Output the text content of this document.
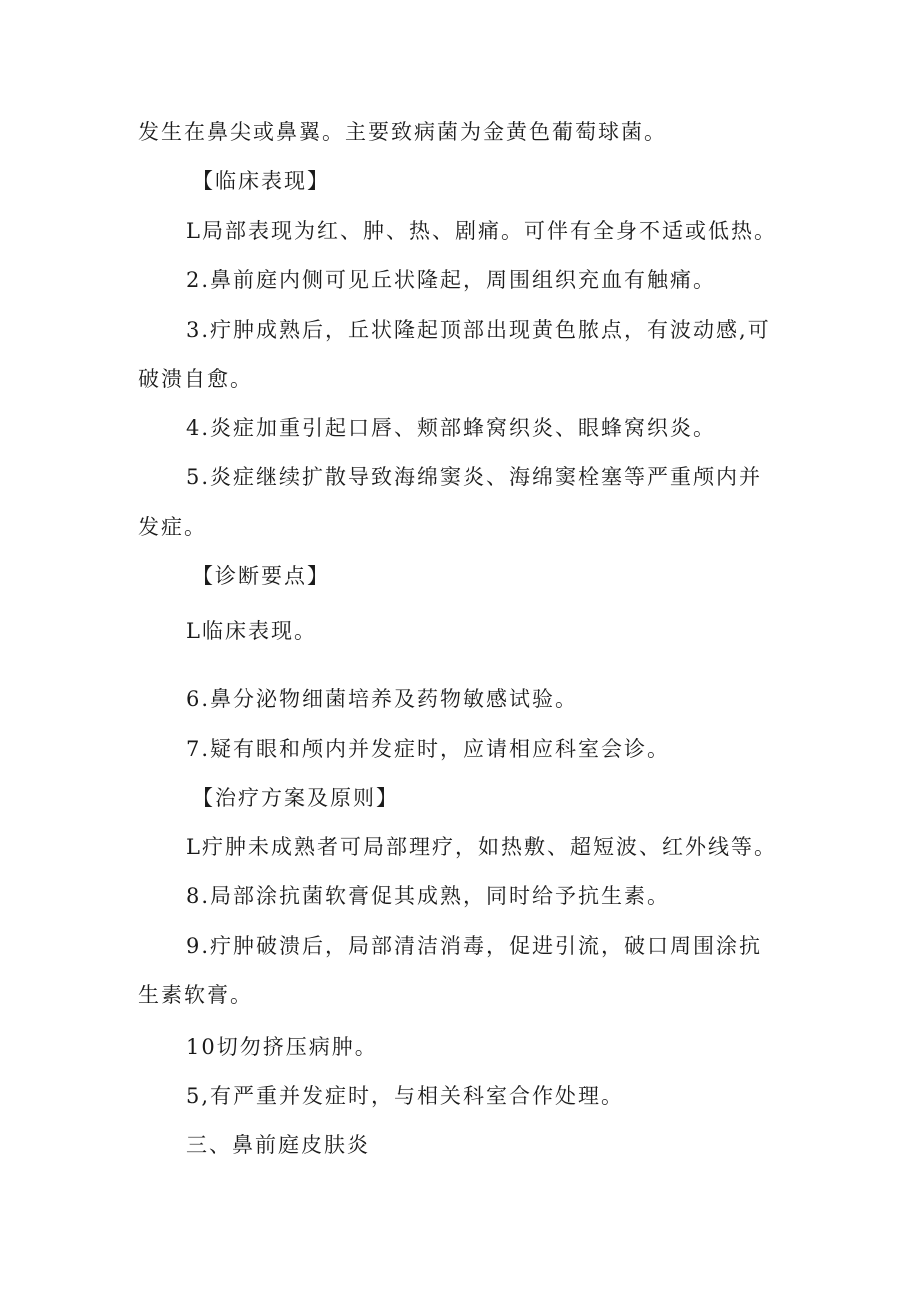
发生在鼻尖或鼻翼。主要致病菌为金黄色葡萄球菌。
【临床表现】
L局部表现为红、肿、热、剧痛。可伴有全身不适或低热。
2.鼻前庭内侧可见丘状隆起，周围组织充血有触痛。
3.疔肿成熟后，丘状隆起顶部出现黄色脓点，有波动感,可
破溃自愈。
4.炎症加重引起口唇、颊部蜂窝织炎、眼蜂窝织炎。
5.炎症继续扩散导致海绵窦炎、海绵窦栓塞等严重颅内并
发症。
【诊断要点】
L临床表现。
6.鼻分泌物细菌培养及药物敏感试验。
7.疑有眼和颅内并发症时，应请相应科室会诊。
【治疗方案及原则】
L疔肿未成熟者可局部理疗，如热敷、超短波、红外线等。
8.局部涂抗菌软膏促其成熟，同时给予抗生素。
9.疔肿破溃后，局部清洁消毒，促进引流，破口周围涂抗
生素软膏。
10切勿挤压病肿。
5,有严重并发症时，与相关科室合作处理。
三、鼻前庭皮肤炎
